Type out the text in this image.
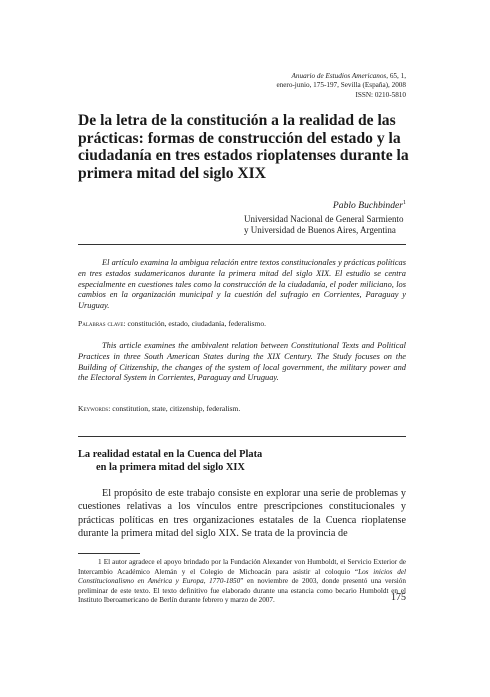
Anuario de Estudios Americanos, 65, 1,
enero-junio, 175-197, Sevilla (España), 2008
ISSN: 0210-5810
De la letra de la constitución a la realidad de las prácticas: formas de construcción del estado y la ciudadanía en tres estados rioplatenses durante la primera mitad del siglo XIX
Pablo Buchbinder$^1$
Universidad Nacional de General Sarmiento
y Universidad de Buenos Aires, Argentina

El artículo examina la ambigua relación entre textos constitucionales y prácticas políticas en tres estados sudamericanos durante la primera mitad del siglo XIX. El estudio se centra especialmente en cuestiones tales como la construcción de la ciudadanía, el poder miliciano, los cambios en la organización municipal y la cuestión del sufragio en Corrientes, Paraguay y Uruguay.

Palabras clave: constitución, estado, ciudadanía, federalismo.

This article examines the ambivalent relation between Constitutional Texts and Political Practices in three South American States during the XIX Century. The Study focuses on the Building of Citizenship, the changes of the system of local government, the military power and the Electoral System in Corrientes, Paraguay and Uruguay.

Keywords: constitution, state, citizenship, federalism.

La realidad estatal en la Cuenca del Plata
en la primera mitad del siglo XIX

El propósito de este trabajo consiste en explorar una serie de problemas y cuestiones relativas a los vínculos entre prescripciones constitucionales y prácticas políticas en tres organizaciones estatales de la Cuenca rioplatense durante la primera mitad del siglo XIX. Se trata de la provincia de

1 El autor agradece el apoyo brindado por la Fundación Alexander von Humboldt, el Servicio Exterior de Intercambio Académico Alemán y el Colegio de Michoacán para asistir al coloquio “Los inicios del Constitucionalismo en América y Europa, 1770-1850” en noviembre de 2003, donde presentó una versión preliminar de este texto. El texto definitivo fue elaborado durante una estancia como becario Humboldt en el Instituto Iberoamericano de Berlín durante febrero y marzo de 2007.	175
